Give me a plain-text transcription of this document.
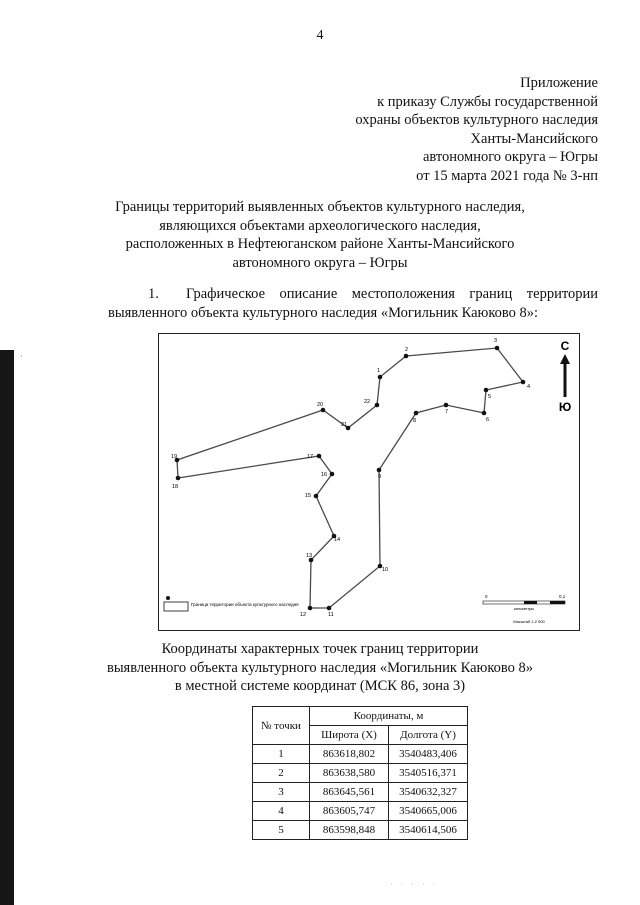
4
Приложение
к приказу Службы государственной
охраны объектов культурного наследия
Ханты-Мансийского
автономного округа – Югры
от 15 марта 2021 года № 3-нп
Границы территорий выявленных объектов культурного наследия,
являющихся объектами археологического наследия,
расположенных в Нефтеюганском районе Ханты-Мансийского
автономного округа – Югры
1. Графическое описание местоположения границ территории выявленного объекта культурного наследия «Могильник Каюково 8»:
·
1
2
3
4
5
6
7
8
9
10
11
12
13
14
15
16
17
18
19
20
21
22
С
Ю
Граница территории объекта культурного наследия
0	0,1
километры
Масштаб 1:2 500
Координаты характерных точек границ территории
выявленного объекта культурного наследия «Могильник Каюково 8»
в местной системе координат (МСК 86, зона 3)
№ точки	Координаты, м	
	Широта (X)	Долгота (Y)
1	863618,802	3540483,406
2	863638,580	3540516,371
3	863645,561	3540632,327
4	863605,747	3540665,006
5	863598,848	3540614,506
· · · · ·
